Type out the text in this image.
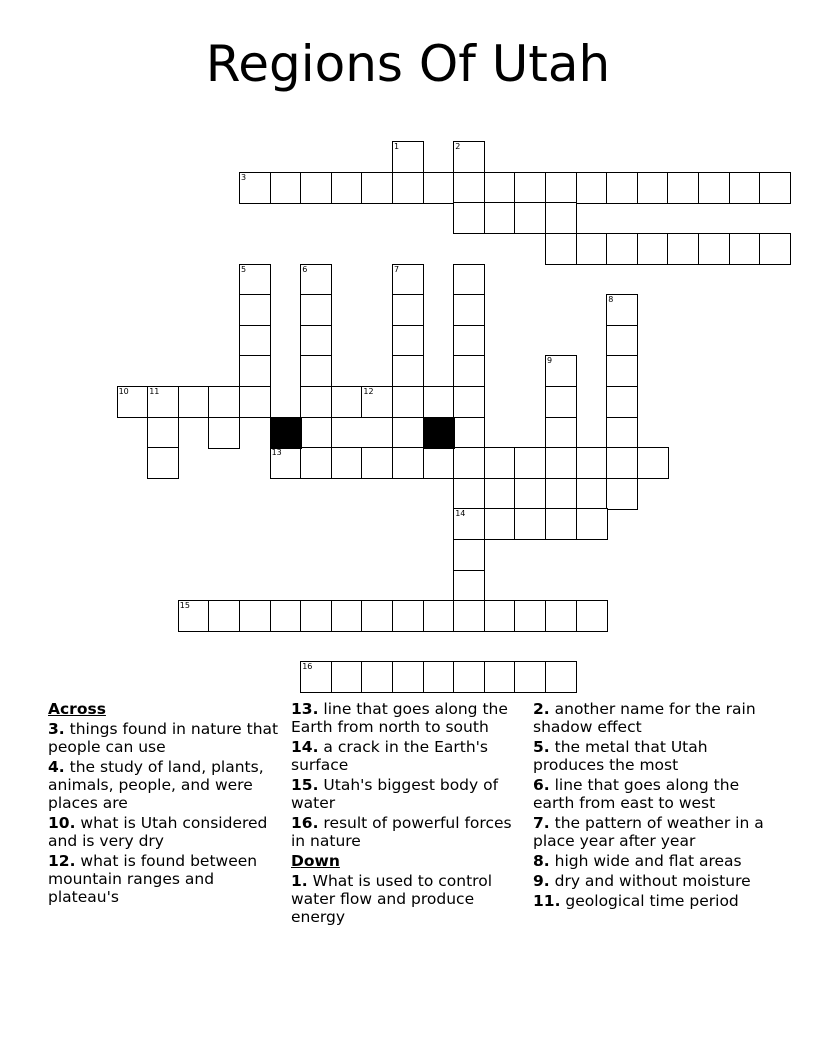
Regions Of Utah
3
5	6	7
8
9
10	11	12
13
14
15
16
1	2
Across
3. things found in nature that people can use
4. the study of land, plants, animals, people, and were places are
10. what is Utah considered and is very dry
12. what is found between mountain ranges and plateau's
13. line that goes along the Earth from north to south
14. a crack in the Earth's surface
15. Utah's biggest body of water
16. result of powerful forces in nature
Down
1. What is used to control water flow and produce energy
2. another name for the rain shadow effect
5. the metal that Utah produces the most
6. line that goes along the earth from east to west
7. the pattern of weather in a place year after year
8. high wide and flat areas
9. dry and without moisture
11. geological time period
